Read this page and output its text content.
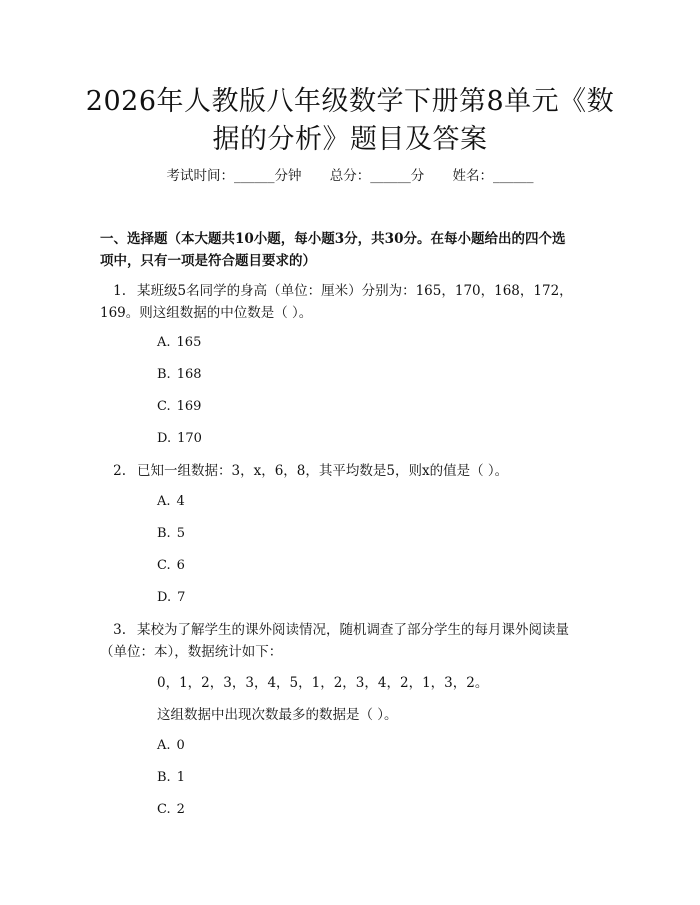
2026年人教版八年级数学下册第8单元《数
据的分析》题目及答案
考试时间：______分钟 总分：______分 姓名：______

一、选择题（本大题共10小题，每小题3分，共30分。在每小题给出的四个选

项中，只有一项是符合题目要求的）

1. 某班级5名同学的身高（单位：厘米）分别为：165，170，168，172，
169。则这组数据的中位数是（ ）。
A. 165
B. 168
C. 169
D. 170
2. 已知一组数据：3，x，6，8，其平均数是5，则x的值是（ ）。
A. 4
B. 5
C. 6
D. 7
3. 某校为了解学生的课外阅读情况，随机调查了部分学生的每月课外阅读量
（单位：本），数据统计如下：
0，1，2，3，3，4，5，1，2，3，4，2，1，3，2。
这组数据中出现次数最多的数据是（ ）。
A. 0
B. 1
C. 2
